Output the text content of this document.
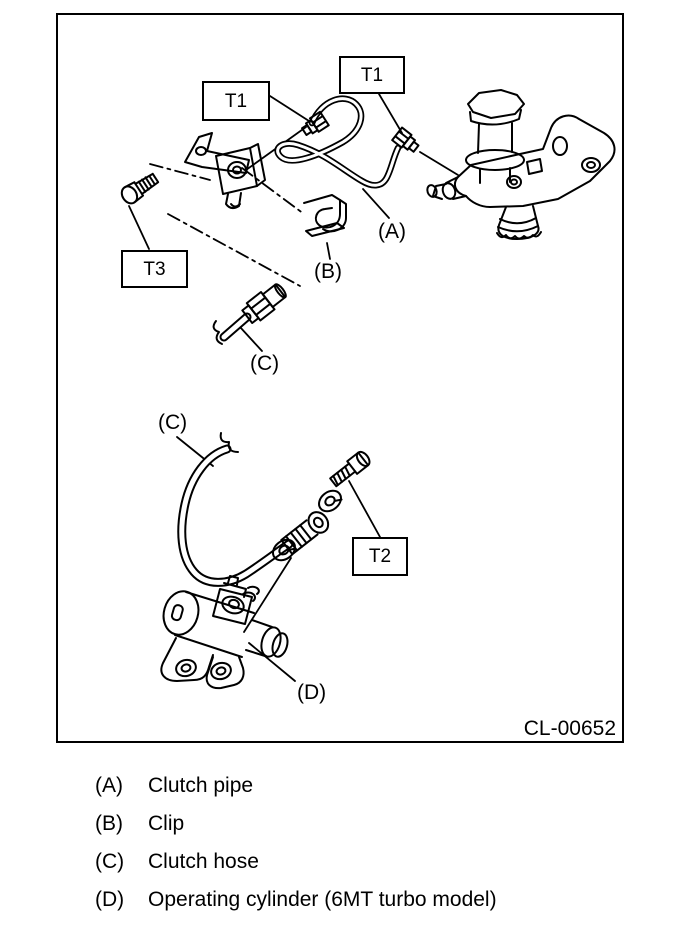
T1
T1
T3
T2
(A)
(B)
(C)
(C)
(D)
CL-00652
(A)	Clutch pipe
(B)	Clip
(C)	Clutch hose
(D)	Operating cylinder (6MT turbo model)
